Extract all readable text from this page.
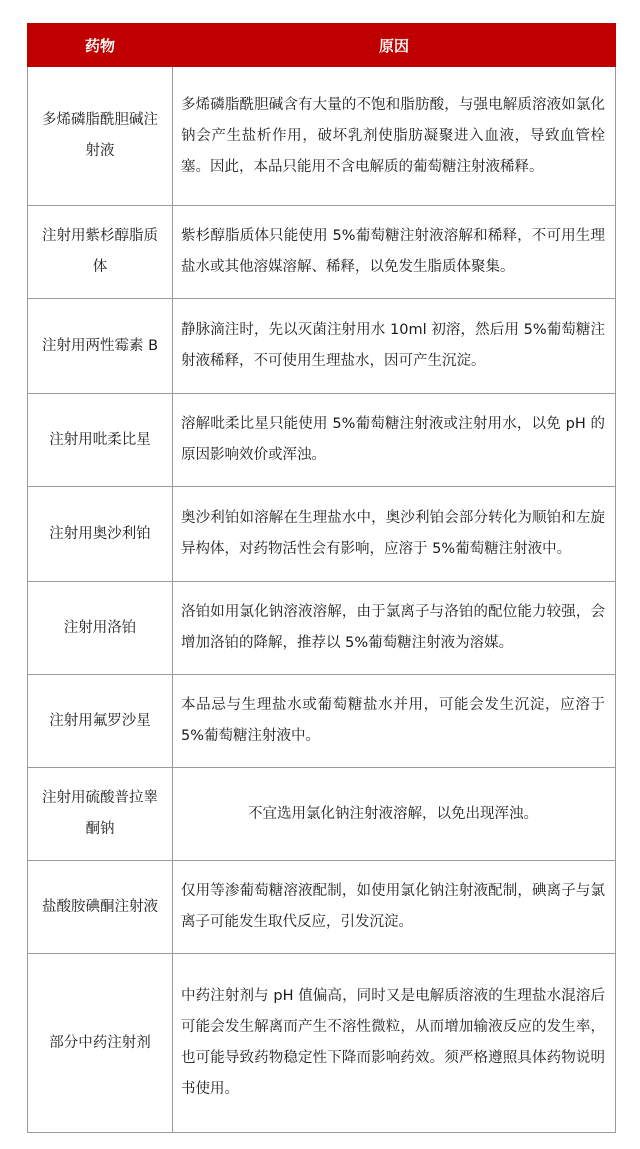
药物	原因
多烯磷脂酰胆碱注射液	多烯磷脂酰胆碱含有大量的不饱和脂肪酸，与强电解质溶液如氯化钠会产生盐析作用，破坏乳剂使脂肪凝聚进入血液，导致血管栓塞。因此，本品只能用不含电解质的葡萄糖注射液稀释。
注射用紫杉醇脂质体	紫杉醇脂质体只能使用 5%葡萄糖注射液溶解和稀释，不可用生理盐水或其他溶媒溶解、稀释，以免发生脂质体聚集。
注射用两性霉素 B	静脉滴注时，先以灭菌注射用水 10ml 初溶，然后用 5%葡萄糖注射液稀释，不可使用生理盐水，因可产生沉淀。
注射用吡柔比星	溶解吡柔比星只能使用 5%葡萄糖注射液或注射用水，以免 pH 的原因影响效价或浑浊。
注射用奥沙利铂	奥沙利铂如溶解在生理盐水中，奥沙利铂会部分转化为顺铂和左旋异构体，对药物活性会有影响，应溶于 5%葡萄糖注射液中。
注射用洛铂	洛铂如用氯化钠溶液溶解，由于氯离子与洛铂的配位能力较强，会增加洛铂的降解，推荐以 5%葡萄糖注射液为溶媒。
注射用氟罗沙星	本品忌与生理盐水或葡萄糖盐水并用，可能会发生沉淀，应溶于 5%葡萄糖注射液中。
注射用硫酸普拉睾酮钠	不宜选用氯化钠注射液溶解，以免出现浑浊。
盐酸胺碘酮注射液	仅用等渗葡萄糖溶液配制，如使用氯化钠注射液配制，碘离子与氯离子可能发生取代反应，引发沉淀。
部分中药注射剂	中药注射剂与 pH 值偏高，同时又是电解质溶液的生理盐水混溶后可能会发生解离而产生不溶性微粒，从而增加输液反应的发生率，也可能导致药物稳定性下降而影响药效。须严格遵照具体药物说明书使用。
